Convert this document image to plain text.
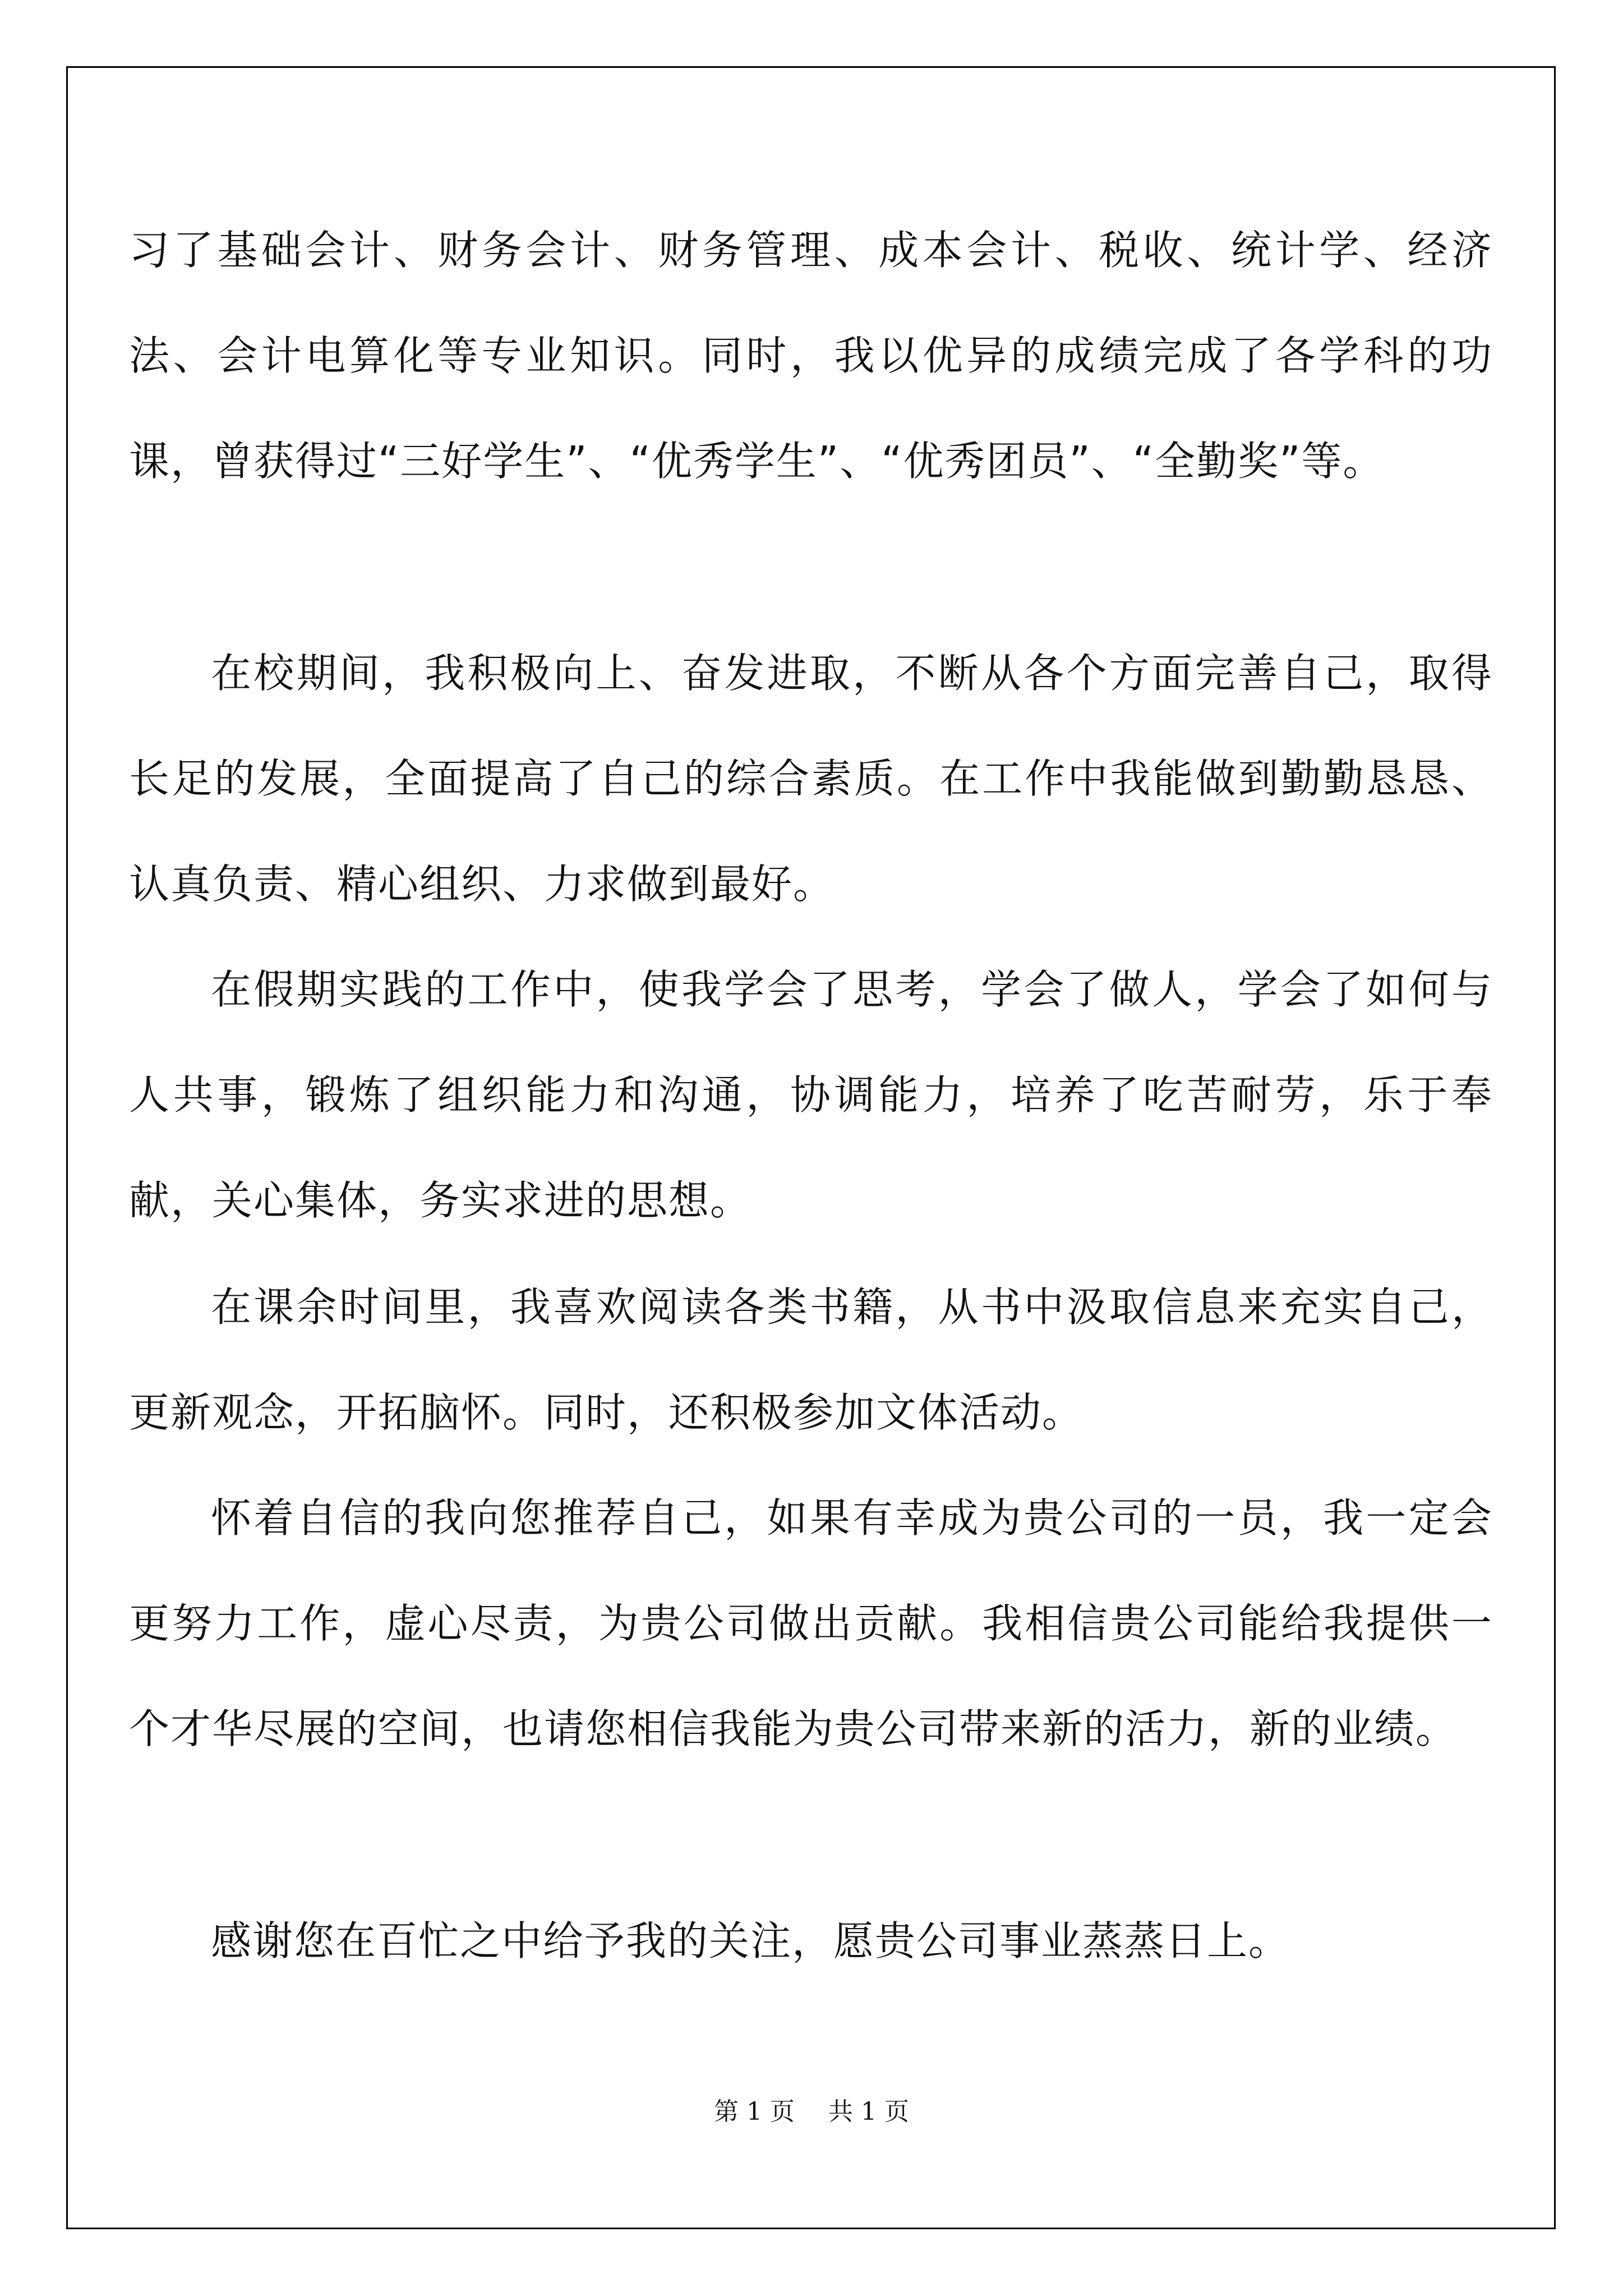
习了基础会计、财务会计、财务管理、成本会计、税收、统计学、经济法、会计电算化等专业知识。同时，我以优异的成绩完成了各学科的功课，曾获得过“三好学生”、“优秀学生”、“优秀团员”、“全勤奖”等。

在校期间，我积极向上、奋发进取，不断从各个方面完善自己，取得长足的发展，全面提高了自己的综合素质。在工作中我能做到勤勤恳恳、认真负责、精心组织、力求做到最好。

在假期实践的工作中，使我学会了思考，学会了做人，学会了如何与人共事，锻炼了组织能力和沟通，协调能力，培养了吃苦耐劳，乐于奉献，关心集体，务实求进的思想。

在课余时间里，我喜欢阅读各类书籍，从书中汲取信息来充实自己，更新观念，开拓脑怀。同时，还积极参加文体活动。

怀着自信的我向您推荐自己，如果有幸成为贵公司的一员，我一定会更努力工作，虚心尽责，为贵公司做出贡献。我相信贵公司能给我提供一个才华尽展的空间，也请您相信我能为贵公司带来新的活力，新的业绩。

感谢您在百忙之中给予我的关注，愿贵公司事业蒸蒸日上。

第 1 页 共 1 页
